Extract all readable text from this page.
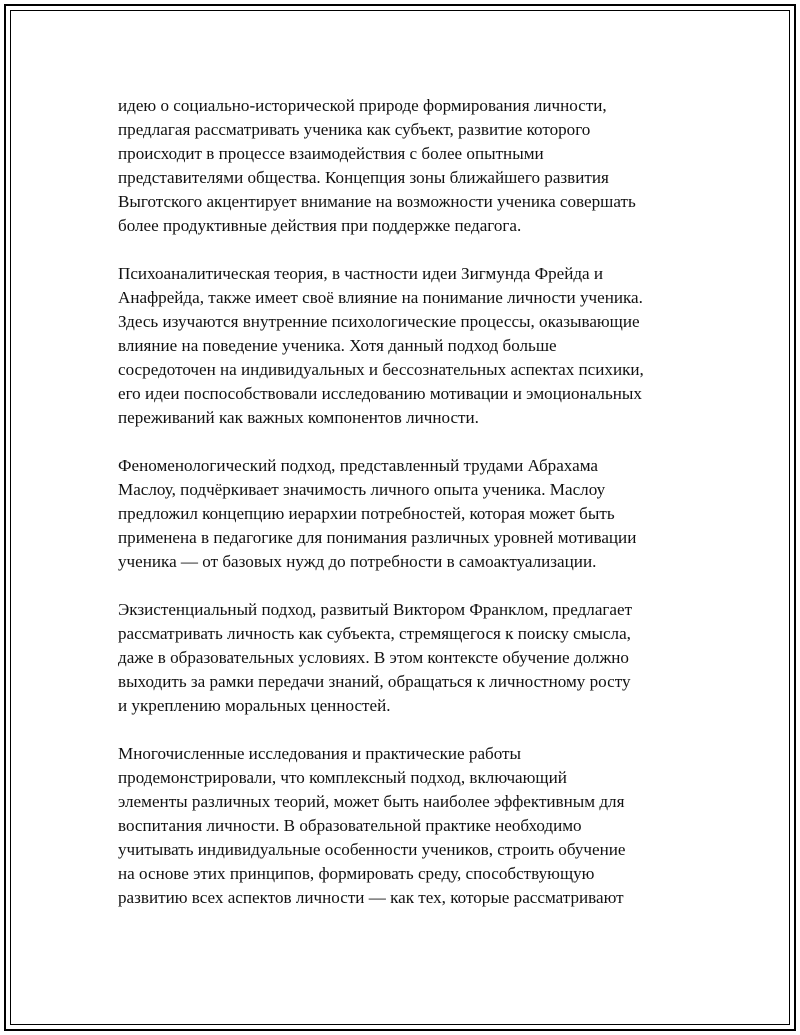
идею о социально-исторической природе формирования личности,
предлагая рассматривать ученика как субъект, развитие которого
происходит в процессе взаимодействия с более опытными
представителями общества. Концепция зоны ближайшего развития
Выготского акцентирует внимание на возможности ученика совершать
более продуктивные действия при поддержке педагога.

Психоаналитическая теория, в частности идеи Зигмунда Фрейда и
Анафрейда, также имеет своё влияние на понимание личности ученика.
Здесь изучаются внутренние психологические процессы, оказывающие
влияние на поведение ученика. Хотя данный подход больше
сосредоточен на индивидуальных и бессознательных аспектах психики,
его идеи поспособствовали исследованию мотивации и эмоциональных
переживаний как важных компонентов личности.

Феноменологический подход, представленный трудами Абрахама
Маслоу, подчёркивает значимость личного опыта ученика. Маслоу
предложил концепцию иерархии потребностей, которая может быть
применена в педагогике для понимания различных уровней мотивации
ученика — от базовых нужд до потребности в самоактуализации.

Экзистенциальный подход, развитый Виктором Франклом, предлагает
рассматривать личность как субъекта, стремящегося к поиску смысла,
даже в образовательных условиях. В этом контексте обучение должно
выходить за рамки передачи знаний, обращаться к личностному росту
и укреплению моральных ценностей.

Многочисленные исследования и практические работы
продемонстрировали, что комплексный подход, включающий
элементы различных теорий, может быть наиболее эффективным для
воспитания личности. В образовательной практике необходимо
учитывать индивидуальные особенности учеников, строить обучение
на основе этих принципов, формировать среду, способствующую
развитию всех аспектов личности — как тех, которые рассматривают
